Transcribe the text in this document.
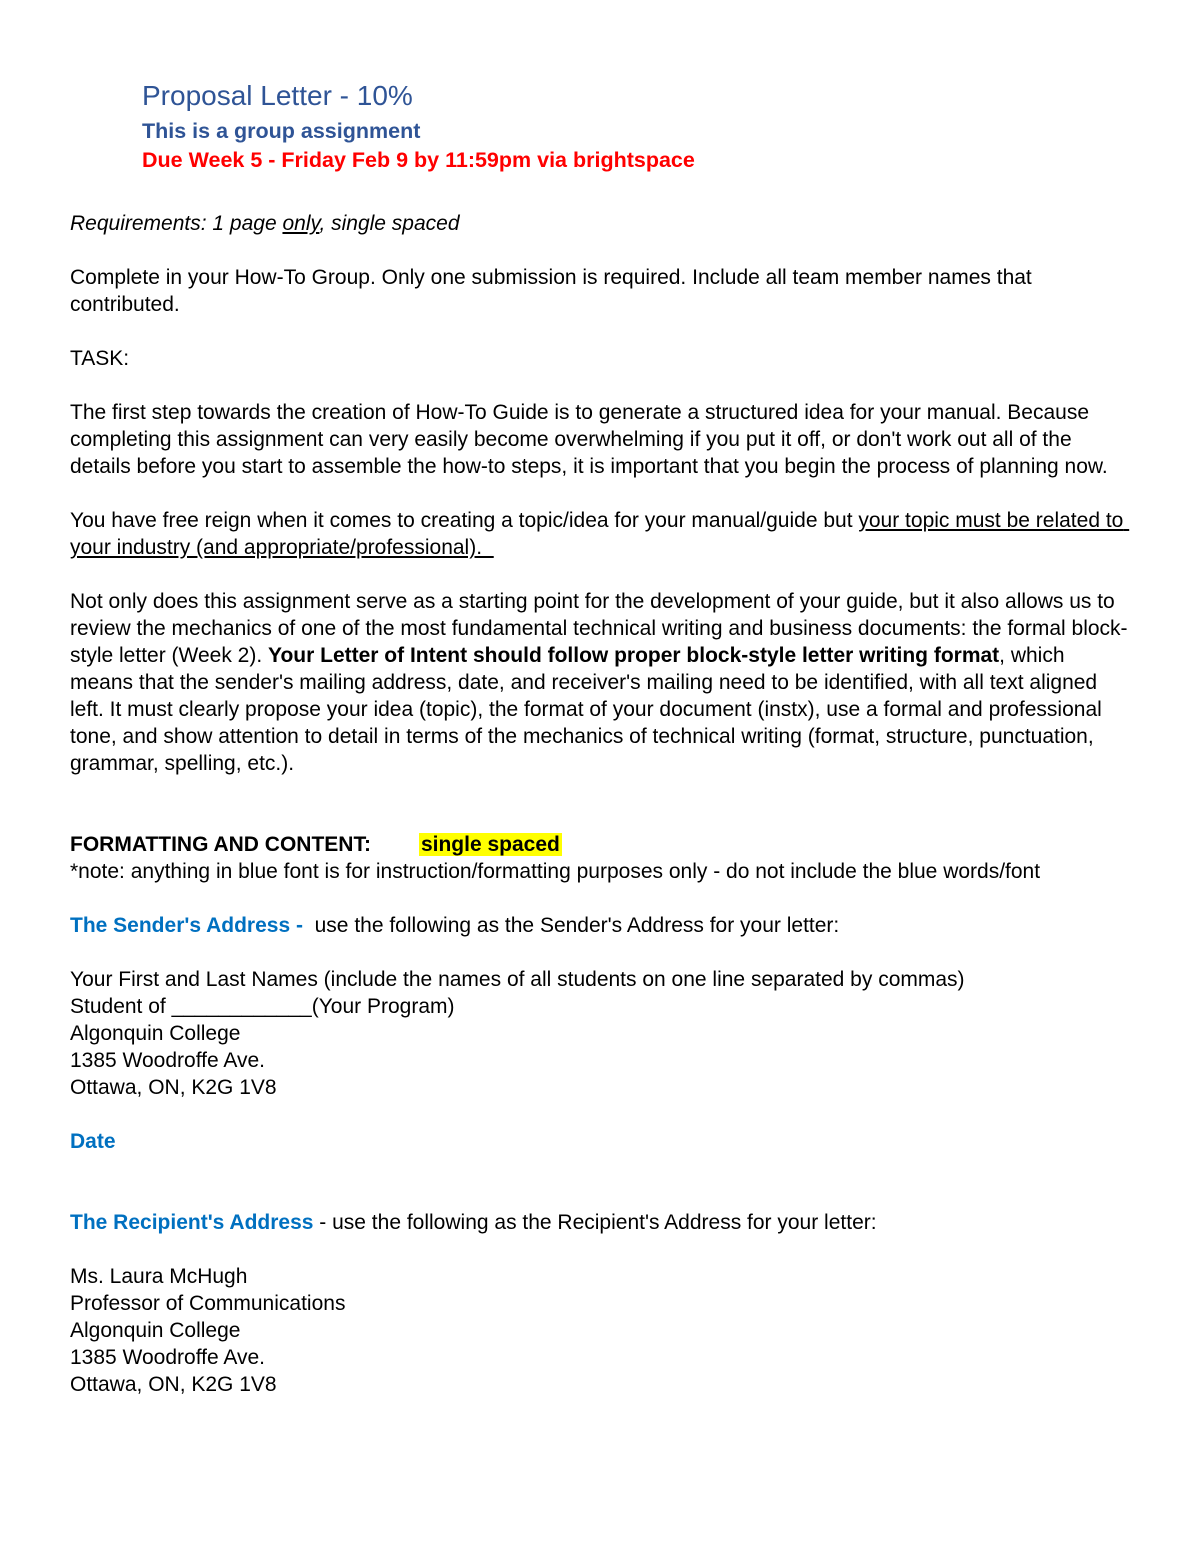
Proposal Letter - 10%
This is a group assignment
Due Week 5 - Friday Feb 9 by 11:59pm via brightspace

Requirements: 1 page only, single spaced

Complete in your How-To Group. Only one submission is required. Include all team member names that contributed.

TASK:

The first step towards the creation of How-To Guide is to generate a structured idea for your manual. Because completing this assignment can very easily become overwhelming if you put it off, or don't work out all of the details before you start to assemble the how-to steps, it is important that you begin the process of planning now.

You have free reign when it comes to creating a topic/idea for your manual/guide but your topic must be related to your industry (and appropriate/professional).

Not only does this assignment serve as a starting point for the development of your guide, but it also allows us to review the mechanics of one of the most fundamental technical writing and business documents: the formal block-style letter (Week 2). Your Letter of Intent should follow proper block-style letter writing format, which means that the sender's mailing address, date, and receiver's mailing need to be identified, with all text aligned left. It must clearly propose your idea (topic), the format of your document (instx), use a formal and professional tone, and show attention to detail in terms of the mechanics of technical writing (format, structure, punctuation, grammar, spelling, etc.).

FORMATTING AND CONTENT: single spaced

*note: anything in blue font is for instruction/formatting purposes only - do not include the blue words/font

The Sender's Address -  use the following as the Sender's Address for your letter:

Your First and Last Names (include the names of all students on one line separated by commas)
Student of ____________(Your Program)
Algonquin College
1385 Woodroffe Ave.
Ottawa, ON, K2G 1V8

Date

The Recipient's Address - use the following as the Recipient's Address for your letter:

Ms. Laura McHugh
Professor of Communications
Algonquin College
1385 Woodroffe Ave.
Ottawa, ON, K2G 1V8
